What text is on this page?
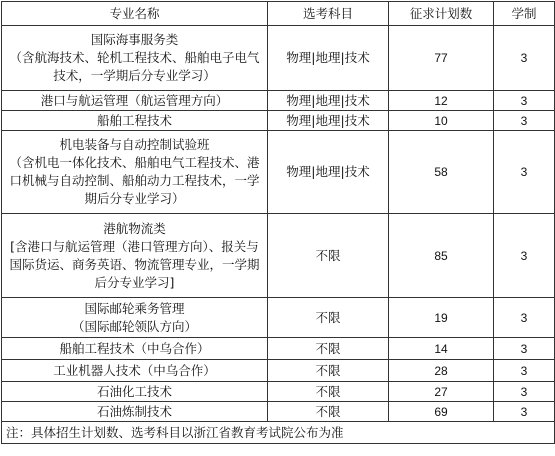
专业名称	选考科目	征求计划数	学制
国际海事服务类
（含航海技术、轮机工程技术、船舶电子电气技术，一学期后分专业学习）	物理|地理|技术	77	3
港口与航运管理（航运管理方向）	物理|地理|技术	12	3
船舶工程技术	物理|地理|技术	10	3
机电装备与自动控制试验班
（含机电一体化技术、船舶电气工程技术、港口机械与自动控制、船舶动力工程技术，一学期后分专业学习）	物理|地理|技术	58	3
港航物流类
[含港口与航运管理（港口管理方向）、报关与国际货运、商务英语、物流管理专业，一学期后分专业学习]	不限	85	3
国际邮轮乘务管理
（国际邮轮领队方向）	不限	19	3
船舶工程技术（中乌合作）	不限	14	3
工业机器人技术（中乌合作）	不限	28	3
石油化工技术	不限	27	3
石油炼制技术	不限	69	3
注：具体招生计划数、选考科目以浙江省教育考试院公布为准			
